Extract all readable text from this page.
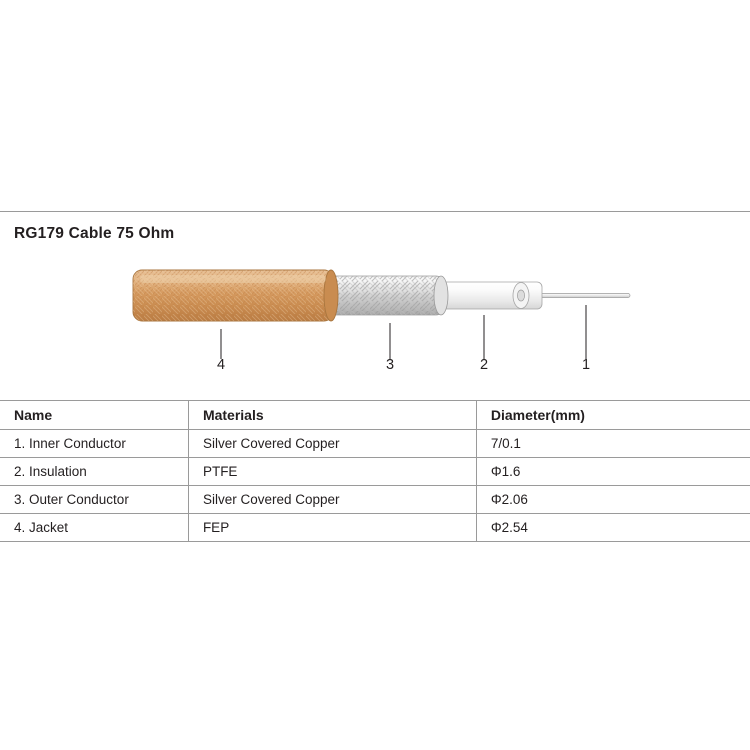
RG179 Cable 75 Ohm
4	3	2	1
Name	Materials	Diameter(mm)
1. Inner Conductor	Silver Covered Copper	7/0.1
2. Insulation	PTFE	Φ1.6
3. Outer Conductor	Silver Covered Copper	Φ2.06
4. Jacket	FEP	Φ2.54
